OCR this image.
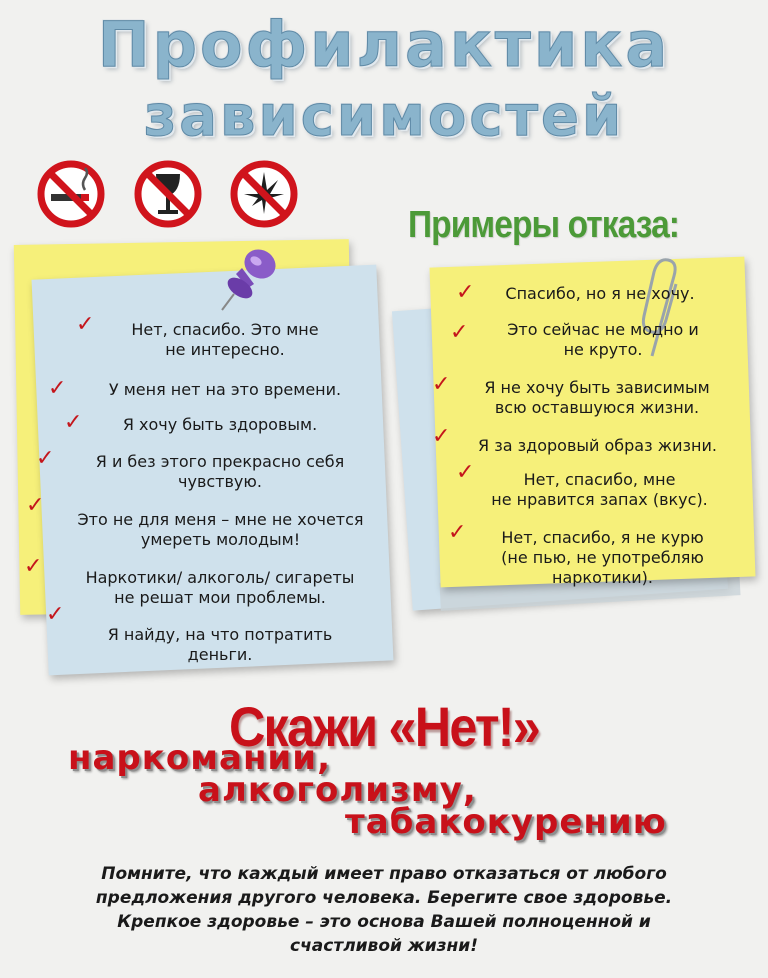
Профилактика
зависимостей
Примеры отказа:
✓	Нет, спасибо. Это мне
не интересно.
✓	У меня нет на это времени.
✓	Я хочу быть здоровым.
✓	Я и без этого прекрасно себя
чувствую.
✓
Это не для меня – мне не хочется
умереть молодым!
✓	Наркотики/ алкоголь/ сигареты
не решат мои проблемы.
✓
Я найду, на что потратить
деньги.
✓	Спасибо, но я не хочу.
✓	Это сейчас не модно и
не круто.
✓	Я не хочу быть зависимым
всю оставшуюся жизни.
✓	Я за здоровый образ жизни.
✓	Нет, спасибо, мне
не нравится запах (вкус).
✓	Нет, спасибо, я не курю
(не пью, не употребляю
наркотики).
Скажи «Нет!»
наркомании,
алкоголизму,
табакокурению
Помните, что каждый имеет право отказаться от любого
предложения другого человека. Берегите свое здоровье.
Крепкое здоровье – это основа Вашей полноценной и
счастливой жизни!
